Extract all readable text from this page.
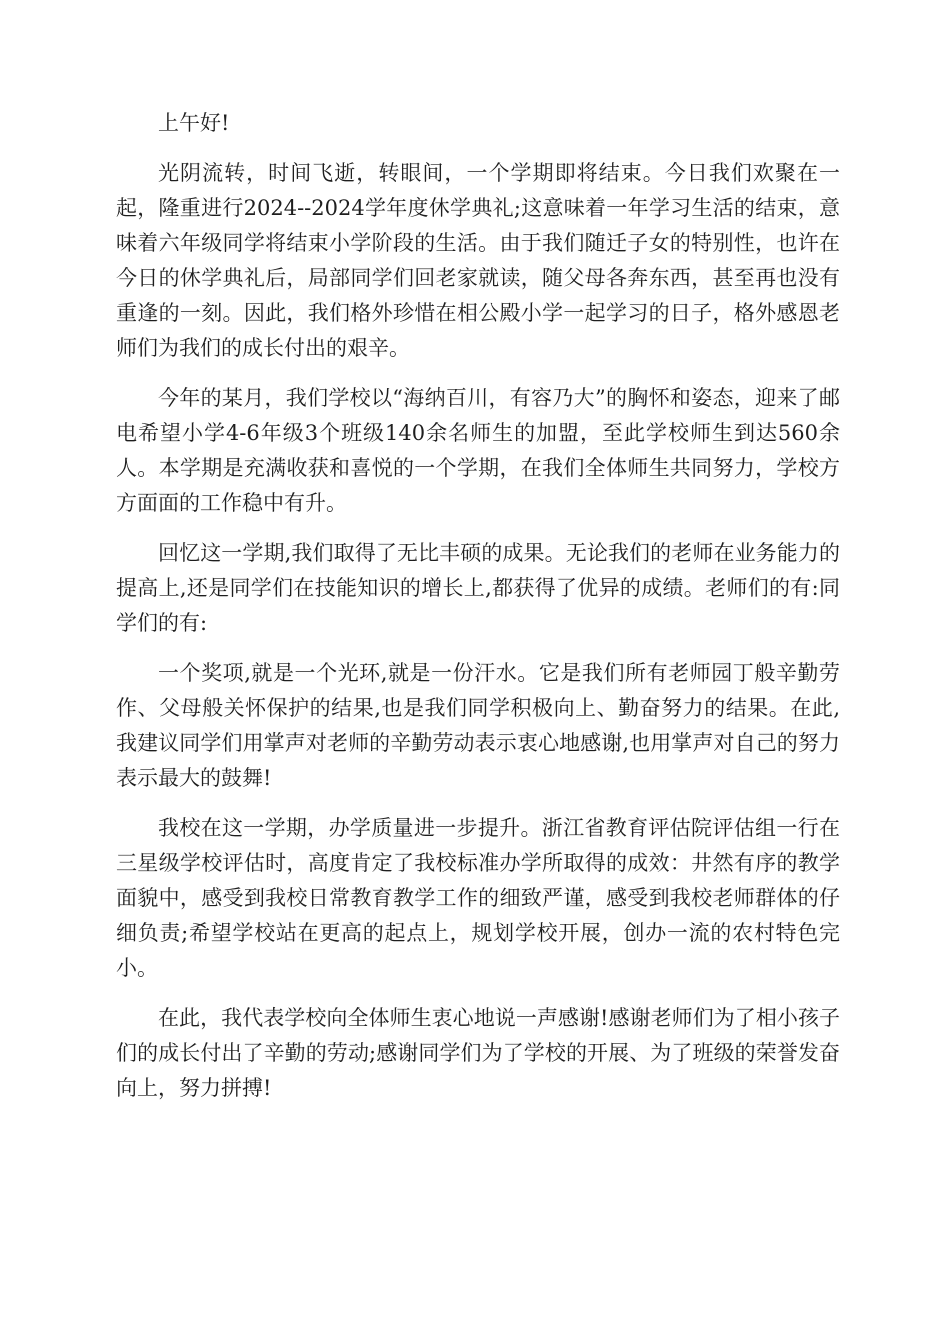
上午好!

光阴流转，时间飞逝，转眼间，一个学期即将结束。今日我们欢聚在一起，隆重进行2024--2024学年度休学典礼;这意味着一年学习生活的结束，意味着六年级同学将结束小学阶段的生活。由于我们随迁子女的特别性，也许在今日的休学典礼后，局部同学们回老家就读，随父母各奔东西，甚至再也没有重逢的一刻。因此，我们格外珍惜在相公殿小学一起学习的日子，格外感恩老师们为我们的成长付出的艰辛。

今年的某月，我们学校以“海纳百川，有容乃大”的胸怀和姿态，迎来了邮电希望小学4-6年级3个班级140余名师生的加盟，至此学校师生到达560余人。本学期是充满收获和喜悦的一个学期，在我们全体师生共同努力，学校方方面面的工作稳中有升。

回忆这一学期,我们取得了无比丰硕的成果。无论我们的老师在业务能力的提高上,还是同学们在技能知识的增长上,都获得了优异的成绩。老师们的有:同学们的有:

一个奖项,就是一个光环,就是一份汗水。它是我们所有老师园丁般辛勤劳作、父母般关怀保护的结果,也是我们同学积极向上、勤奋努力的结果。在此,我建议同学们用掌声对老师的辛勤劳动表示衷心地感谢,也用掌声对自己的努力表示最大的鼓舞!

我校在这一学期，办学质量进一步提升。浙江省教育评估院评估组一行在三星级学校评估时，高度肯定了我校标准办学所取得的成效：井然有序的教学面貌中，感受到我校日常教育教学工作的细致严谨，感受到我校老师群体的仔细负责;希望学校站在更高的起点上，规划学校开展，创办一流的农村特色完小。

在此，我代表学校向全体师生衷心地说一声感谢!感谢老师们为了相小孩子们的成长付出了辛勤的劳动;感谢同学们为了学校的开展、为了班级的荣誉发奋向上，努力拼搏!
